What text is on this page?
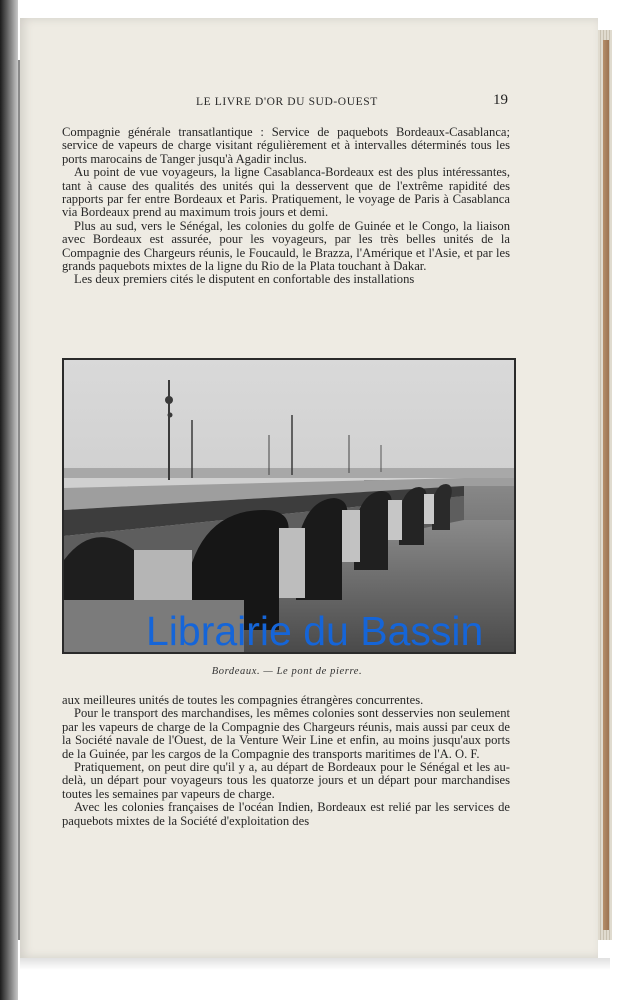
LE LIVRE D'OR DU SUD-OUEST	19

Compagnie générale transatlantique : Service de paquebots Bordeaux-Casablanca; service de vapeurs de charge visitant régulièrement et à intervalles déterminés tous les ports marocains de Tanger jusqu'à Agadir inclus.

Au point de vue voyageurs, la ligne Casablanca-Bordeaux est des plus intéressantes, tant à cause des qualités des unités qui la desservent que de l'extrême rapidité des rapports par fer entre Bordeaux et Paris. Pratiquement, le voyage de Paris à Casablanca via Bordeaux prend au maximum trois jours et demi.

Plus au sud, vers le Sénégal, les colonies du golfe de Guinée et le Congo, la liaison avec Bordeaux est assurée, pour les voyageurs, par les très belles unités de la Compagnie des Chargeurs réunis, le Foucauld, le Brazza, l'Amérique et l'Asie, et par les grands paquebots mixtes de la ligne du Rio de la Plata touchant à Dakar.

Les deux premiers cités le disputent en confortable des installations

Librairie du Bassin
Bordeaux. — Le pont de pierre.

aux meilleures unités de toutes les compagnies étrangères concurrentes.

Pour le transport des marchandises, les mêmes colonies sont desservies non seulement par les vapeurs de charge de la Compagnie des Chargeurs réunis, mais aussi par ceux de la Société navale de l'Ouest, de la Venture Weir Line et enfin, au moins jusqu'aux ports de la Guinée, par les cargos de la Compagnie des transports maritimes de l'A. O. F.

Pratiquement, on peut dire qu'il y a, au départ de Bordeaux pour le Sénégal et les au-delà, un départ pour voyageurs tous les quatorze jours et un départ pour marchandises toutes les semaines par vapeurs de charge.

Avec les colonies françaises de l'océan Indien, Bordeaux est relié par les services de paquebots mixtes de la Société d'exploitation des
